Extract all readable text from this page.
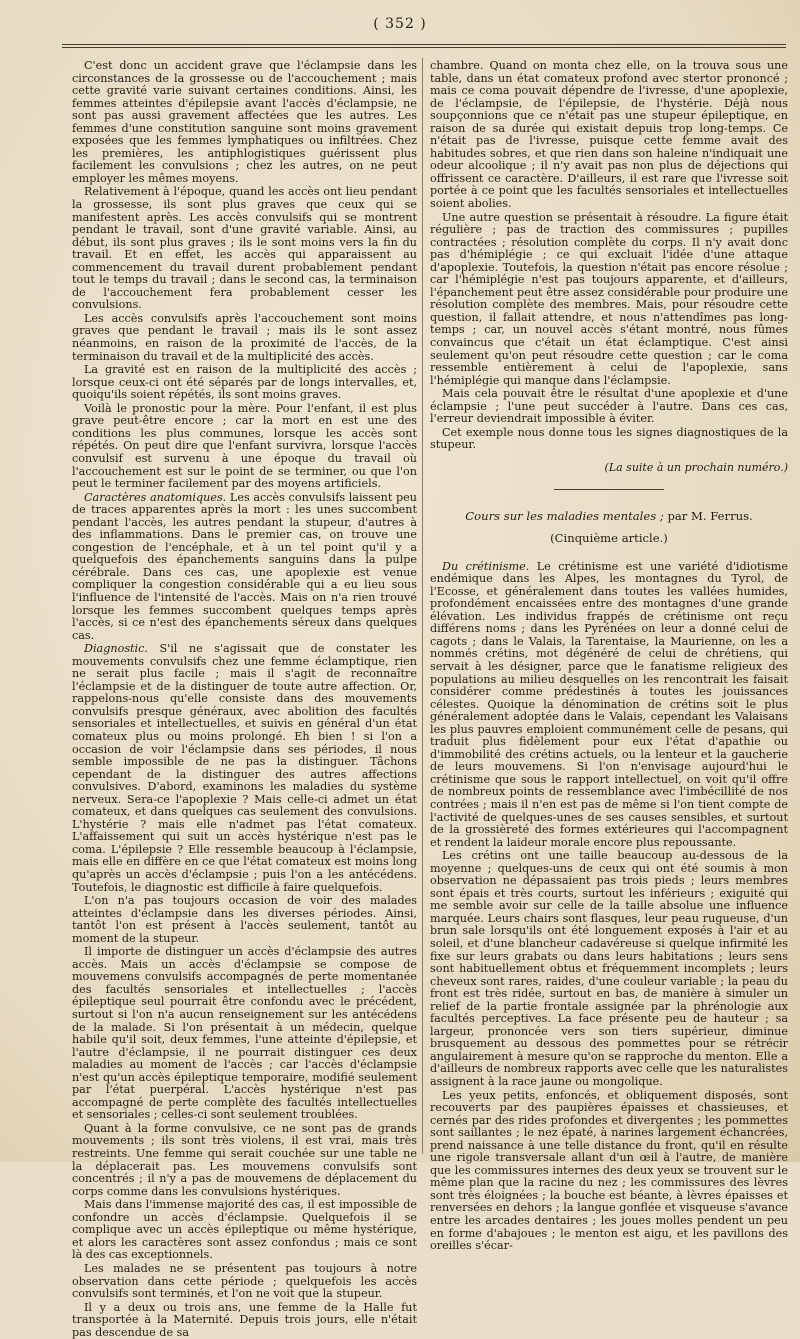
( 352 )

C'est donc un accident grave que l'éclampsie dans les circonstances de la grossesse ou de l'accouchement ; mais cette gravité varie suivant certaines conditions. Ainsi, les femmes atteintes d'épilepsie avant l'accès d'éclampsie, ne sont pas aussi gravement affectées que les autres. Les femmes d'une constitution sanguine sont moins gravement exposées que les femmes lymphatiques ou infiltrées. Chez les premières, les antiphlogistiques guérissent plus facilement les convulsions ; chez les autres, on ne peut employer les mêmes moyens.

Relativement à l'époque, quand les accès ont lieu pendant la grossesse, ils sont plus graves que ceux qui se manifestent après. Les accès convulsifs qui se montrent pendant le travail, sont d'une gravité variable. Ainsi, au début, ils sont plus graves ; ils le sont moins vers la fin du travail. Et en effet, les accès qui apparaissent au commencement du travail durent probablement pendant tout le temps du travail ; dans le second cas, la terminaison de l'accouchement fera probablement cesser les convulsions.

Les accès convulsifs après l'accouchement sont moins graves que pendant le travail ; mais ils le sont assez néanmoins, en raison de la proximité de l'accès, de la terminaison du travail et de la multiplicité des accès.

La gravité est en raison de la multiplicité des accès ; lorsque ceux-ci ont été séparés par de longs intervalles, et, quoiqu'ils soient répétés, ils sont moins graves.

Voilà le pronostic pour la mère. Pour l'enfant, il est plus grave peut-être encore ; car la mort en est une des conditions les plus communes, lorsque les accès sont répétés. On peut dire que l'enfant survivra, lorsque l'accès convulsif est survenu à une époque du travail où l'accouchement est sur le point de se terminer, ou que l'on peut le terminer facilement par des moyens artificiels.

Caractères anatomiques. Les accès convulsifs laissent peu de traces apparentes après la mort : les unes succombent pendant l'accès, les autres pendant la stupeur, d'autres à des inflammations. Dans le premier cas, on trouve une congestion de l'encéphale, et à un tel point qu'il y a quelquefois des épanchements sanguins dans la pulpe cérébrale. Dans ces cas, une apoplexie est venue compliquer la congestion considérable qui a eu lieu sous l'influence de l'intensité de l'accès. Mais on n'a rien trouvé lorsque les femmes succombent quelques temps après l'accès, si ce n'est des épanchements séreux dans quelques cas.

Diagnostic. S'il ne s'agissait que de constater les mouvements convulsifs chez une femme éclamptique, rien ne serait plus facile ; mais il s'agit de reconnaître l'éclampsie et de la distinguer de toute autre affection. Or, rappelons-nous qu'elle consiste dans des mouvements convulsifs presque généraux, avec abolition des facultés sensoriales et intellectuelles, et suivis en général d'un état comateux plus ou moins prolongé. Eh bien ! si l'on a occasion de voir l'éclampsie dans ses périodes, il nous semble impossible de ne pas la distinguer. Tâchons cependant de la distinguer des autres affections convulsives. D'abord, examinons les maladies du système nerveux. Sera-ce l'apoplexie ? Mais celle-ci admet un état comateux, et dans quelques cas seulement des convulsions. L'hystérie ? mais elle n'admet pas l'état comateux. L'affaissement qui suit un accès hystérique n'est pas le coma. L'épilepsie ? Elle ressemble beaucoup à l'éclampsie, mais elle en diffère en ce que l'état comateux est moins long qu'après un accès d'éclampsie ; puis l'on a les antécédens. Toutefois, le diagnostic est difficile à faire quelquefois.

L'on n'a pas toujours occasion de voir des malades atteintes d'éclampsie dans les diverses périodes. Ainsi, tantôt l'on est présent à l'accès seulement, tantôt au moment de la stupeur.

Il importe de distinguer un accès d'éclampsie des autres accès. Mais un accès d'éclampsie se compose de mouvemens convulsifs accompagnés de perte momentanée des facultés sensoriales et intellectuelles ; l'accès épileptique seul pourrait être confondu avec le précédent, surtout si l'on n'a aucun renseignement sur les antécédens de la malade. Si l'on présentait à un médecin, quelque habile qu'il soit, deux femmes, l'une atteinte d'épilepsie, et l'autre d'éclampsie, il ne pourrait distinguer ces deux maladies au moment de l'accès ; car l'accès d'éclampsie n'est qu'un accès épileptique temporaire, modifié seulement par l'état puerpéral. L'accès hystérique n'est pas accompagné de perte complète des facultés intellectuelles et sensoriales ; celles-ci sont seulement troublées.

Quant à la forme convulsive, ce ne sont pas de grands mouvements ; ils sont très violens, il est vrai, mais très restreints. Une femme qui serait couchée sur une table ne la déplacerait pas. Les mouvemens convulsifs sont concentrés ; il n'y a pas de mouvemens de déplacement du corps comme dans les convulsions hystériques.

Mais dans l'immense majorité des cas, il est impossible de confondre un accès d'éclampsie. Quelquefois il se complique avec un accès épileptique ou même hystérique, et alors les caractères sont assez confondus ; mais ce sont là des cas exceptionnels.

Les malades ne se présentent pas toujours à notre observation dans cette période ; quelquefois les accès convulsifs sont terminés, et l'on ne voit que la stupeur.

Il y a deux ou trois ans, une femme de la Halle fut transportée à la Maternité. Depuis trois jours, elle n'était pas descendue de sa

chambre. Quand on monta chez elle, on la trouva sous une table, dans un état comateux profond avec stertor prononcé ; mais ce coma pouvait dépendre de l'ivresse, d'une apoplexie, de l'éclampsie, de l'épilepsie, de l'hystérie. Déjà nous soupçonnions que ce n'était pas une stupeur épileptique, en raison de sa durée qui existait depuis trop long-temps. Ce n'était pas de l'ivresse, puisque cette femme avait des habitudes sobres, et que rien dans son haleine n'indiquait une odeur alcoolique ; il n'y avait pas non plus de déjections qui offrissent ce caractère. D'ailleurs, il est rare que l'ivresse soit portée à ce point que les facultés sensoriales et intellectuelles soient abolies.

Une autre question se présentait à résoudre. La figure était régulière ; pas de traction des commissures ; pupilles contractées ; résolution complète du corps. Il n'y avait donc pas d'hémiplégie ; ce qui excluait l'idée d'une attaque d'apoplexie. Toutefois, la question n'était pas encore résolue ; car l'hémiplégie n'est pas toujours apparente, et d'ailleurs, l'épanchement peut être assez considérable pour produire une résolution complète des membres. Mais, pour résoudre cette question, il fallait attendre, et nous n'attendîmes pas long-temps ; car, un nouvel accès s'étant montré, nous fûmes convaincus que c'était un état éclamptique. C'est ainsi seulement qu'on peut résoudre cette question ; car le coma ressemble entièrement à celui de l'apoplexie, sans l'hémiplégie qui manque dans l'éclampsie.

Mais cela pouvait être le résultat d'une apoplexie et d'une éclampsie ; l'une peut succéder à l'autre. Dans ces cas, l'erreur deviendrait impossible à éviter.

Cet exemple nous donne tous les signes diagnostiques de la stupeur.

(La suite à un prochain numéro.)

Cours sur les maladies mentales ; par M. Ferrus.

(Cinquième article.)

Du crétinisme. Le crétinisme est une variété d'idiotisme endémique dans les Alpes, les montagnes du Tyrol, de l'Ecosse, et généralement dans toutes les vallées humides, profondément encaissées entre des montagnes d'une grande élévation. Les individus frappés de crétinisme ont reçu différens noms ; dans les Pyrénées on leur a donné celui de cagots ; dans le Valais, la Tarentaise, la Maurienne, on les a nommés crétins, mot dégénéré de celui de chrétiens, qui servait à les désigner, parce que le fanatisme religieux des populations au milieu desquelles on les rencontrait les faisait considérer comme prédestinés à toutes les jouissances célestes. Quoique la dénomination de crétins soit le plus généralement adoptée dans le Valais, cependant les Valaisans les plus pauvres emploient communément celle de pesans, qui traduit plus fidèlement pour eux l'état d'apathie ou d'immobilité des crétins actuels, ou la lenteur et la gaucherie de leurs mouvemens. Si l'on n'envisage aujourd'hui le crétinisme que sous le rapport intellectuel, on voit qu'il offre de nombreux points de ressemblance avec l'imbécillité de nos contrées ; mais il n'en est pas de même si l'on tient compte de l'activité de quelques-unes de ses causes sensibles, et surtout de la grossièreté des formes extérieures qui l'accompagnent et rendent la laideur morale encore plus repoussante.

Les crétins ont une taille beaucoup au-dessous de la moyenne ; quelques-uns de ceux qui ont été soumis à mon observation ne dépassaient pas trois pieds ; leurs membres sont épais et très courts, surtout les inférieurs ; exiguité qui me semble avoir sur celle de la taille absolue une influence marquée. Leurs chairs sont flasques, leur peau rugueuse, d'un brun sale lorsqu'ils ont été longuement exposés à l'air et au soleil, et d'une blancheur cadavéreuse si quelque infirmité les fixe sur leurs grabats ou dans leurs habitations ; leurs sens sont habituellement obtus et fréquemment incomplets ; leurs cheveux sont rares, raides, d'une couleur variable ; la peau du front est très ridée, surtout en bas, de manière à simuler un relief de la partie frontale assignée par la phrénologie aux facultés perceptives. La face présente peu de hauteur ; sa largeur, prononcée vers son tiers supérieur, diminue brusquement au dessous des pommettes pour se rétrécir angulairement à mesure qu'on se rapproche du menton. Elle a d'ailleurs de nombreux rapports avec celle que les naturalistes assignent à la race jaune ou mongolique.

Les yeux petits, enfoncés, et obliquement disposés, sont recouverts par des paupières épaisses et chassieuses, et cernés par des rides profondes et divergentes ; les pommettes sont saillantes ; le nez épaté, à narines largement échancrées, prend naissance à une telle distance du front, qu'il en résulte une rigole transversale allant d'un œil à l'autre, de manière que les commissures internes des deux yeux se trouvent sur le même plan que la racine du nez ; les commissures des lèvres sont très éloignées ; la bouche est béante, à lèvres épaisses et renversées en dehors ; la langue gonflée et visqueuse s'avance entre les arcades dentaires ; les joues molles pendent un peu en forme d'abajoues ; le menton est aigu, et les pavillons des oreilles s'écar-
